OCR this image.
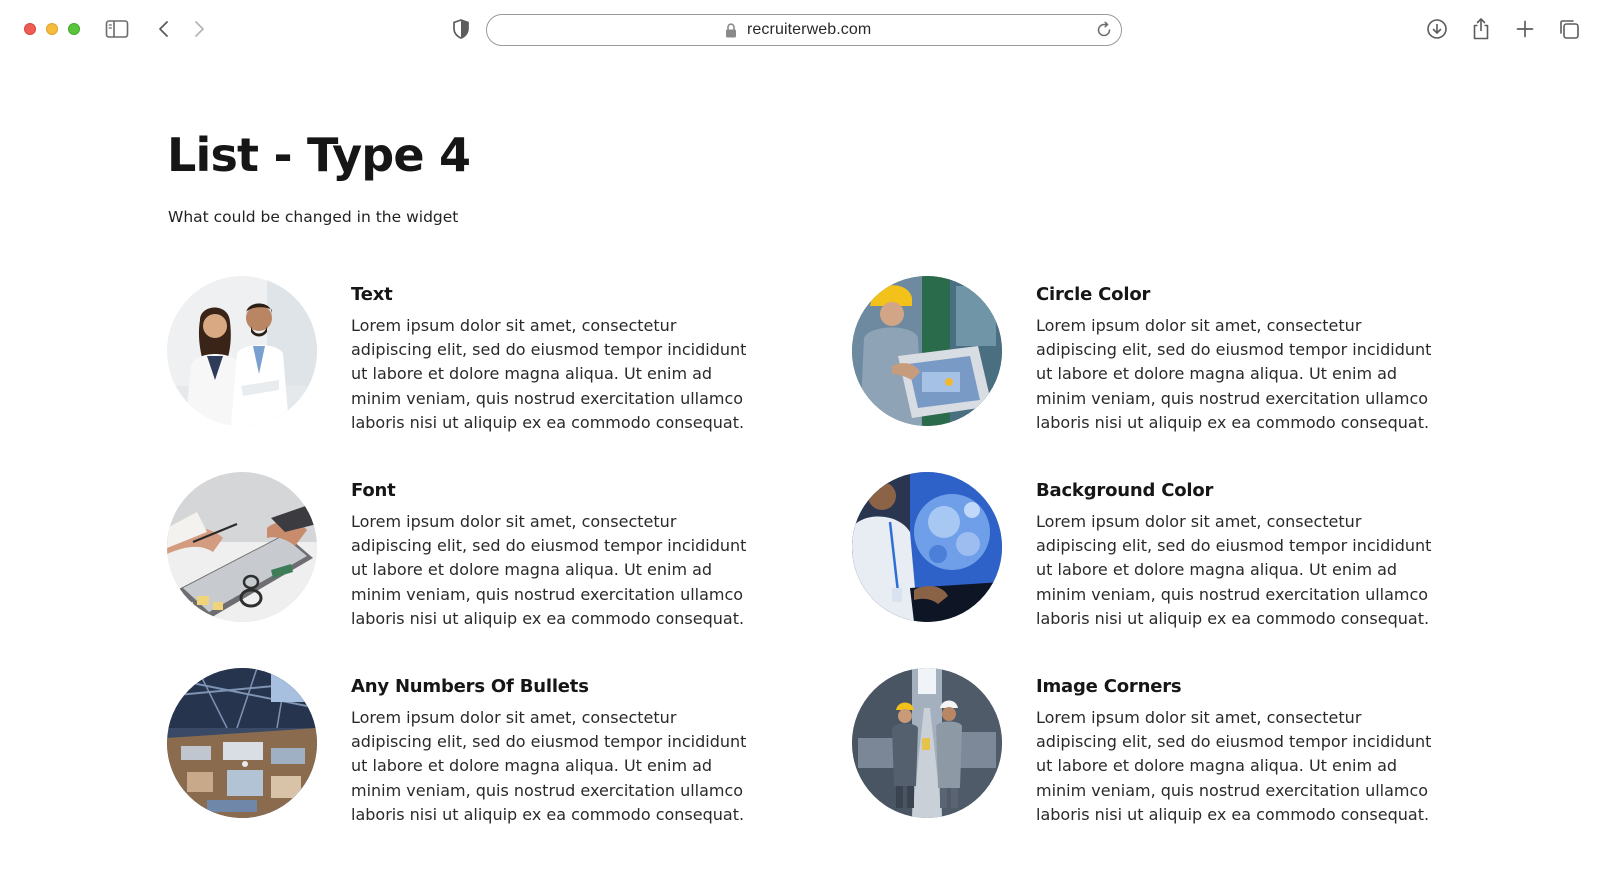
recruiterweb.com
List - Type 4

What could be changed in the widget

Text

Lorem ipsum dolor sit amet, consectetur adipiscing elit, sed do eiusmod tempor incididunt ut labore et dolore magna aliqua. Ut enim ad minim veniam, quis nostrud exercitation ullamco laboris nisi ut aliquip ex ea commodo consequat.

Circle Color

Lorem ipsum dolor sit amet, consectetur adipiscing elit, sed do eiusmod tempor incididunt ut labore et dolore magna aliqua. Ut enim ad minim veniam, quis nostrud exercitation ullamco laboris nisi ut aliquip ex ea commodo consequat.

Font

Lorem ipsum dolor sit amet, consectetur adipiscing elit, sed do eiusmod tempor incididunt ut labore et dolore magna aliqua. Ut enim ad minim veniam, quis nostrud exercitation ullamco laboris nisi ut aliquip ex ea commodo consequat.

Background Color

Lorem ipsum dolor sit amet, consectetur adipiscing elit, sed do eiusmod tempor incididunt ut labore et dolore magna aliqua. Ut enim ad minim veniam, quis nostrud exercitation ullamco laboris nisi ut aliquip ex ea commodo consequat.

Any Numbers Of Bullets

Lorem ipsum dolor sit amet, consectetur adipiscing elit, sed do eiusmod tempor incididunt ut labore et dolore magna aliqua. Ut enim ad minim veniam, quis nostrud exercitation ullamco laboris nisi ut aliquip ex ea commodo consequat.

Image Corners

Lorem ipsum dolor sit amet, consectetur adipiscing elit, sed do eiusmod tempor incididunt ut labore et dolore magna aliqua. Ut enim ad minim veniam, quis nostrud exercitation ullamco laboris nisi ut aliquip ex ea commodo consequat.
